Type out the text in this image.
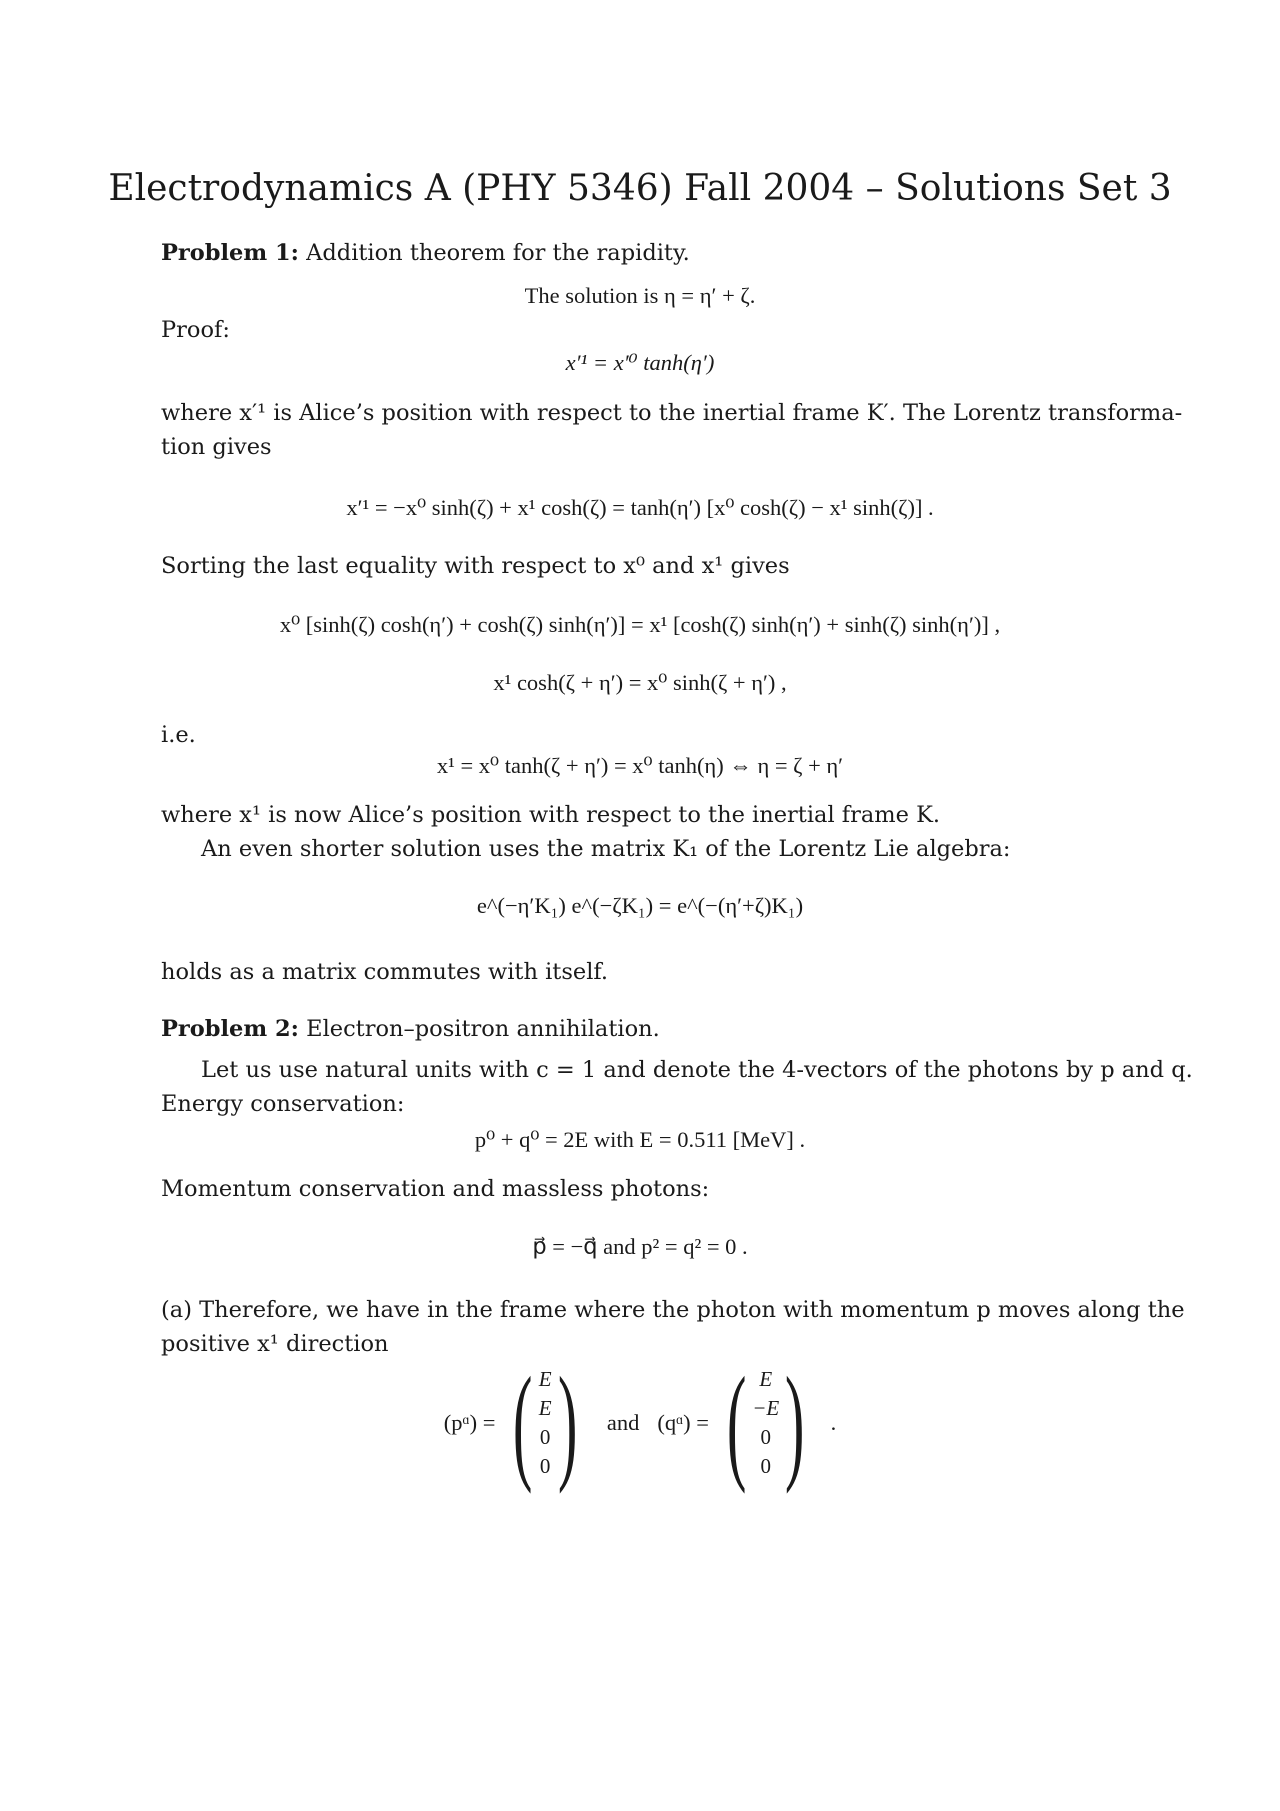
Electrodynamics A (PHY 5346) Fall 2004 – Solutions Set 3
Problem 1: Addition theorem for the rapidity.
The solution is η = η′ + ζ.
Proof:
x′¹ = x′⁰ tanh(η′)
where x′¹ is Alice’s position with respect to the inertial frame K′. The Lorentz transforma-
tion gives
x′¹ = −x⁰ sinh(ζ) + x¹ cosh(ζ) = tanh(η′) [x⁰ cosh(ζ) − x¹ sinh(ζ)] .
Sorting the last equality with respect to x⁰ and x¹ gives
x⁰ [sinh(ζ) cosh(η′) + cosh(ζ) sinh(η′)] = x¹ [cosh(ζ) sinh(η′) + sinh(ζ) sinh(η′)] ,
x¹ cosh(ζ + η′) = x⁰ sinh(ζ + η′) ,
i.e.
x¹ = x⁰ tanh(ζ + η′) = x⁰ tanh(η) ⇔ η = ζ + η′
where x¹ is now Alice’s position with respect to the inertial frame K.
An even shorter solution uses the matrix K₁ of the Lorentz Lie algebra:
e^(−η′K₁) e^(−ζK₁) = e^(−(η′+ζ)K₁)
holds as a matrix commutes with itself.
Problem 2: Electron–positron annihilation.
Let us use natural units with c = 1 and denote the 4-vectors of the photons by p and q.
Energy conservation:
p⁰ + q⁰ = 2E with E = 0.511 [MeV] .
Momentum conservation and massless photons:
p⃗ = −q⃗ and p² = q² = 0 .
(a) Therefore, we have in the frame where the photon with momentum p moves along the
positive x¹ direction
(pᵅ) = ( E
E
0
0 ) and (qᵅ) = ( E
−E
0
0 ) .
